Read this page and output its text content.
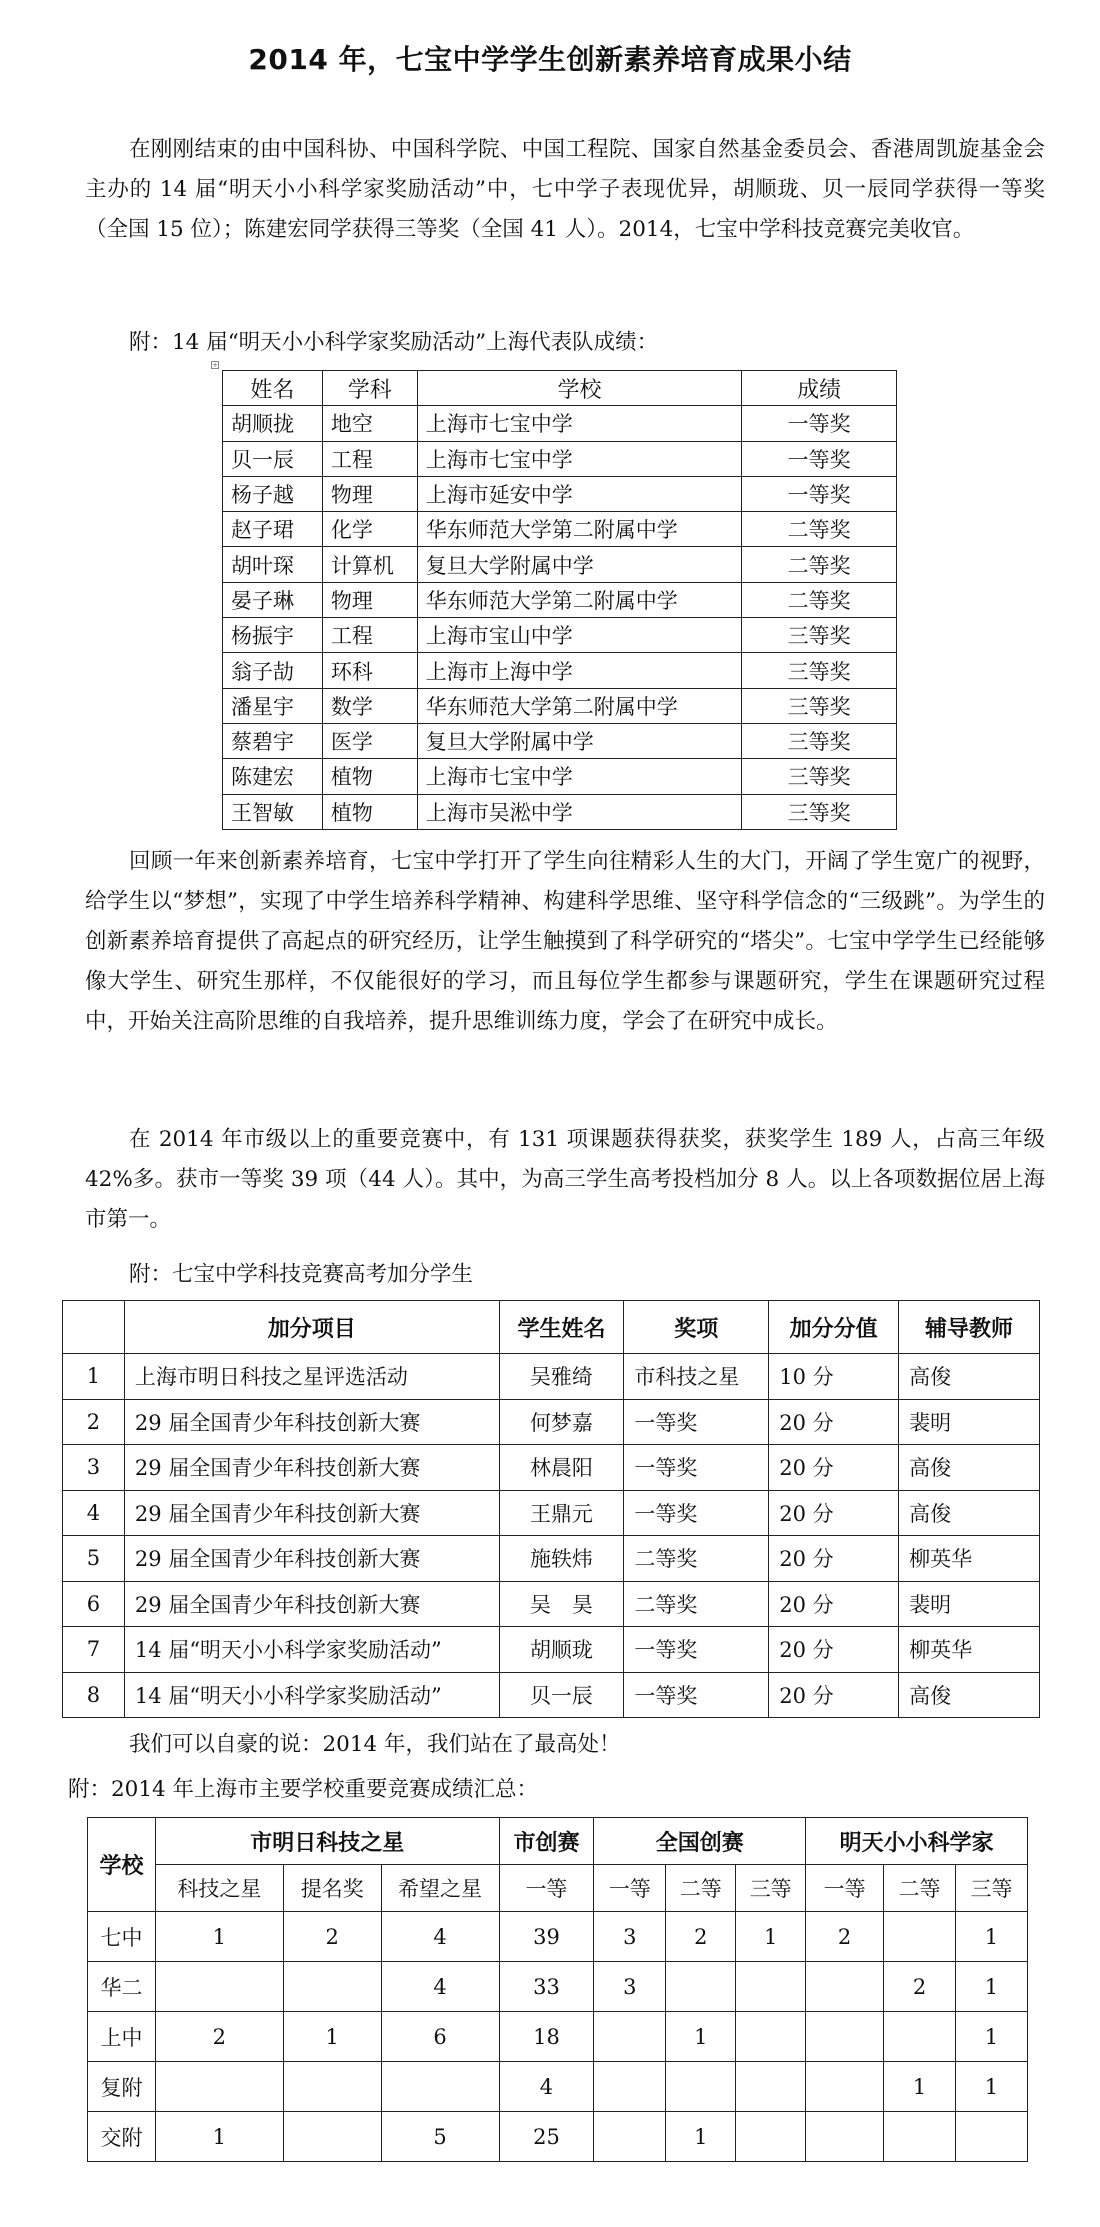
2014 年，七宝中学学生创新素养培育成果小结

在刚刚结束的由中国科协、中国科学院、中国工程院、国家自然基金委员会、香港周凯旋基金会主办的 14 届“明天小小科学家奖励活动”中，七中学子表现优异，胡顺珑、贝一辰同学获得一等奖（全国 15 位）；陈建宏同学获得三等奖（全国 41 人）。2014，七宝中学科技竞赛完美收官。

附：14 届“明天小小科学家奖励活动”上海代表队成绩：

+
姓名	学科	学校	成绩
胡顺拢	地空	上海市七宝中学	一等奖
贝一辰	工程	上海市七宝中学	一等奖
杨子越	物理	上海市延安中学	一等奖
赵子珺	化学	华东师范大学第二附属中学	二等奖
胡叶琛	计算机	复旦大学附属中学	二等奖
晏子琳	物理	华东师范大学第二附属中学	二等奖
杨振宇	工程	上海市宝山中学	三等奖
翁子劼	环科	上海市上海中学	三等奖
潘星宇	数学	华东师范大学第二附属中学	三等奖
蔡碧宇	医学	复旦大学附属中学	三等奖
陈建宏	植物	上海市七宝中学	三等奖
王智敏	植物	上海市吴淞中学	三等奖

回顾一年来创新素养培育，七宝中学打开了学生向往精彩人生的大门，开阔了学生宽广的视野，给学生以“梦想”，实现了中学生培养科学精神、构建科学思维、坚守科学信念的“三级跳”。为学生的创新素养培育提供了高起点的研究经历，让学生触摸到了科学研究的“塔尖”。七宝中学学生已经能够像大学生、研究生那样，不仅能很好的学习，而且每位学生都参与课题研究，学生在课题研究过程中，开始关注高阶思维的自我培养，提升思维训练力度，学会了在研究中成长。

在 2014 年市级以上的重要竞赛中，有 131 项课题获得获奖，获奖学生 189 人，占高三年级 42%多。获市一等奖 39 项（44 人）。其中，为高三学生高考投档加分 8 人。以上各项数据位居上海市第一。

附：七宝中学科技竞赛高考加分学生

	加分项目	学生姓名	奖项	加分分值	辅导教师
1	上海市明日科技之星评选活动	吴雅绮	市科技之星	10 分	高俊
2	29 届全国青少年科技创新大赛	何梦嘉	一等奖	20 分	裴明
3	29 届全国青少年科技创新大赛	林晨阳	一等奖	20 分	高俊
4	29 届全国青少年科技创新大赛	王鼎元	一等奖	20 分	高俊
5	29 届全国青少年科技创新大赛	施轶炜	二等奖	20 分	柳英华
6	29 届全国青少年科技创新大赛	吴　昊	二等奖	20 分	裴明
7	14 届“明天小小科学家奖励活动”	胡顺珑	一等奖	20 分	柳英华
8	14 届“明天小小科学家奖励活动”	贝一辰	一等奖	20 分	高俊

我们可以自豪的说：2014 年，我们站在了最高处！

附：2014 年上海市主要学校重要竞赛成绩汇总：

学校	市明日科技之星			市创赛	全国创赛			明天小小科学家		
	科技之星	提名奖	希望之星	一等	一等	二等	三等	一等	二等	三等
七中	1	2	4	39	3	2	1	2		1
华二			4	33	3				2	1
上中	2	1	6	18		1				1
复附				4					1	1
交附	1		5	25		1				
